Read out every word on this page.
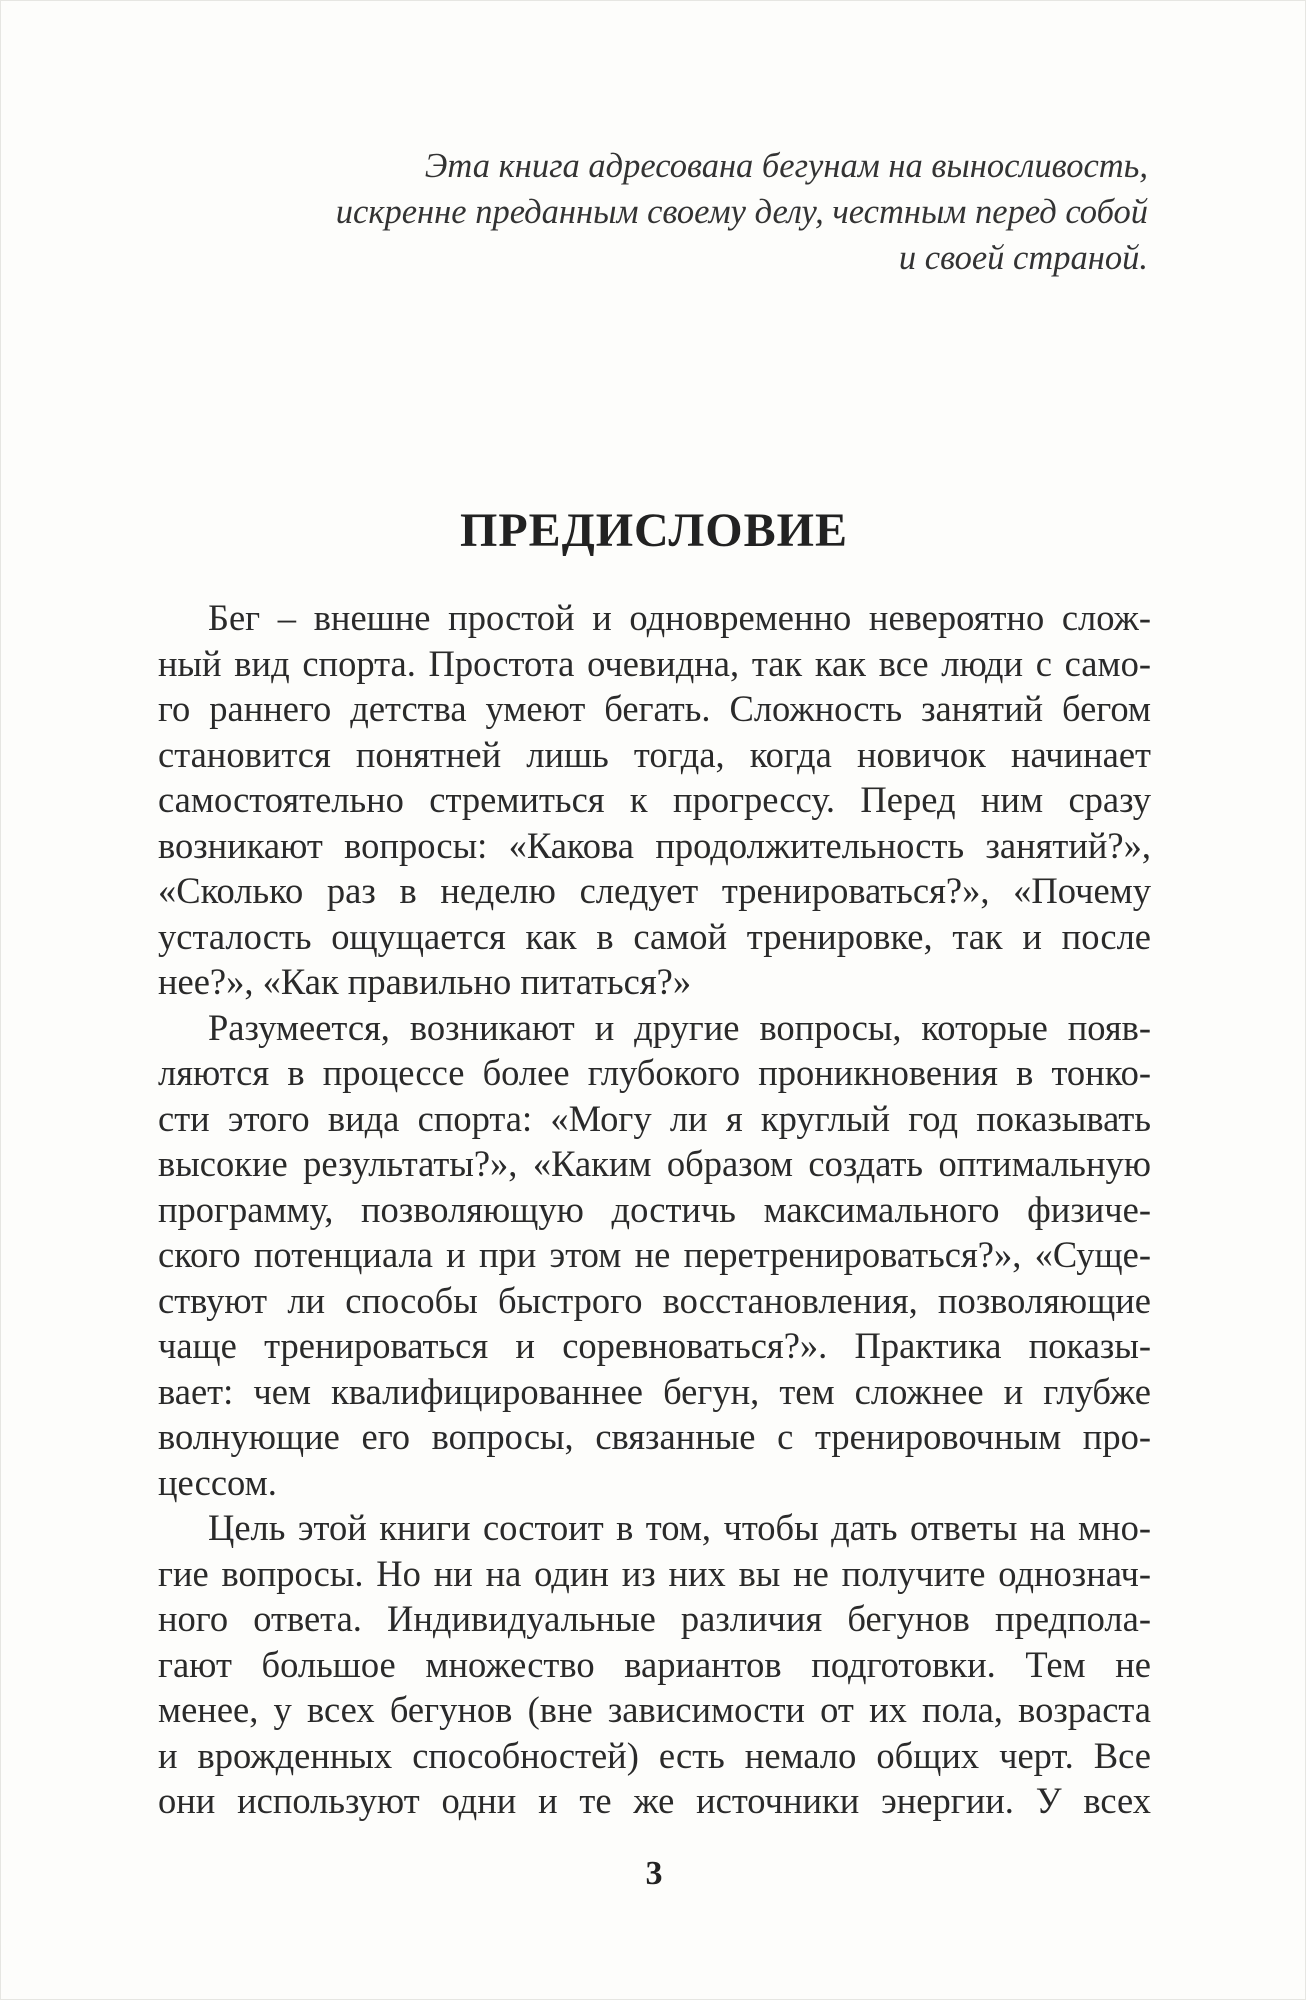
Эта книга адресована бегунам на выносливость,
искренне преданным своему делу, честным перед собой
и своей страной.
ПРЕДИСЛОВИЕ
Бег – внешне простой и одновременно невероятно слож-
ный вид спорта. Простота очевидна, так как все люди с само-
го раннего детства умеют бегать. Сложность занятий бегом
становится понятней лишь тогда, когда новичок начинает
самостоятельно стремиться к прогрессу. Перед ним сразу
возникают вопросы: «Какова продолжительность занятий?»,
«Сколько раз в неделю следует тренироваться?», «Почему
усталость ощущается как в самой тренировке, так и после
нее?», «Как правильно питаться?»
Разумеется, возникают и другие вопросы, которые появ-
ляются в процессе более глубокого проникновения в тонко-
сти этого вида спорта: «Могу ли я круглый год показывать
высокие результаты?», «Каким образом создать оптимальную
программу, позволяющую достичь максимального физиче-
ского потенциала и при этом не перетренироваться?», «Суще-
ствуют ли способы быстрого восстановления, позволяющие
чаще тренироваться и соревноваться?». Практика показы-
вает: чем квалифицированнее бегун, тем сложнее и глубже
волнующие его вопросы, связанные с тренировочным про-
цессом.
Цель этой книги состоит в том, чтобы дать ответы на мно-
гие вопросы. Но ни на один из них вы не получите однознач-
ного ответа. Индивидуальные различия бегунов предпола-
гают большое множество вариантов подготовки. Тем не
менее, у всех бегунов (вне зависимости от их пола, возраста
и врожденных способностей) есть немало общих черт. Все
они используют одни и те же источники энергии. У всех
3
